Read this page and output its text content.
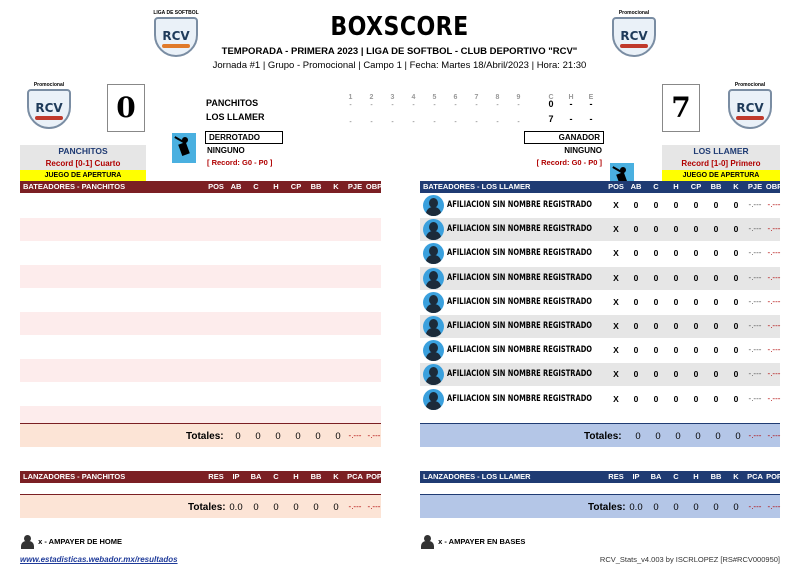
LIGA DE SOFTBOL
RCV
Promocional
RCV
BOXSCORE
TEMPORADA - PRIMERA 2023 | LIGA DE SOFTBOL - CLUB DEPORTIVO "RCV"
Jornada #1 | Grupo - Promocional | Campo 1 | Fecha: Martes 18/Abril/2023 | Hora: 21:30
Promocional
RCV	0	1 2 3 4 5 6 7 8 9	C H E
PANCHITOS
LOS LLAMER
-	-	-	-	-	-	-	-	-
-	-	-	-	-	-	-	-	-
0 - -
7 - -	7
Promocional
RCV
DERROTADO
NINGUNO
[ Record: G0 - P0 ]
GANADOR
NINGUNO
[ Record: G0 - P0 ]
PANCHITOS
Record [0-1] Cuarto
JUEGO DE APERTURA
LOS LLAMER
Record [1-0] Primero
JUEGO DE APERTURA
BATEADORES - PANCHITOS	POS AB	C	H	CP	BB	K	PJE OBP
Totales:	0	0	0	0	0	0 -.--- -.---
BATEADORES - LOS LLAMER	POS AB	C	H	CP	BB	K	PJE OBP
AFILIACION SIN NOMBRE REGISTRADO	X	0	0	0	0	0	0	-.--- -.---
AFILIACION SIN NOMBRE REGISTRADO	X	0	0	0	0	0	0	-.--- -.---
AFILIACION SIN NOMBRE REGISTRADO	X	0	0	0	0	0	0	-.--- -.---
AFILIACION SIN NOMBRE REGISTRADO	X	0	0	0	0	0	0	-.--- -.---
AFILIACION SIN NOMBRE REGISTRADO	X	0	0	0	0	0	0	-.--- -.---
AFILIACION SIN NOMBRE REGISTRADO	X	0	0	0	0	0	0	-.--- -.---
AFILIACION SIN NOMBRE REGISTRADO	X	0	0	0	0	0	0	-.--- -.---
AFILIACION SIN NOMBRE REGISTRADO	X	0	0	0	0	0	0	-.--- -.---
AFILIACION SIN NOMBRE REGISTRADO	X	0	0	0	0	0	0	-.--- -.---
Totales:	0	0	0	0	0	0 -.--- -.---
LANZADORES - PANCHITOS	RES	IP	BA	C	H	BB	K	PCA POP
Totales: 0.0	0	0	0	0	0	-.--- -.---
LANZADORES - LOS LLAMER	RES	IP	BA	C	H	BB	K	PCA POP
Totales: 0.0	0	0	0	0	0	-.--- -.---
x - AMPAYER DE HOME	x - AMPAYER EN BASES
www.estadisticas.webador.mx/resultados	RCV_Stats_v4.003 by ISCRLOPEZ [RS#RCV000950]
